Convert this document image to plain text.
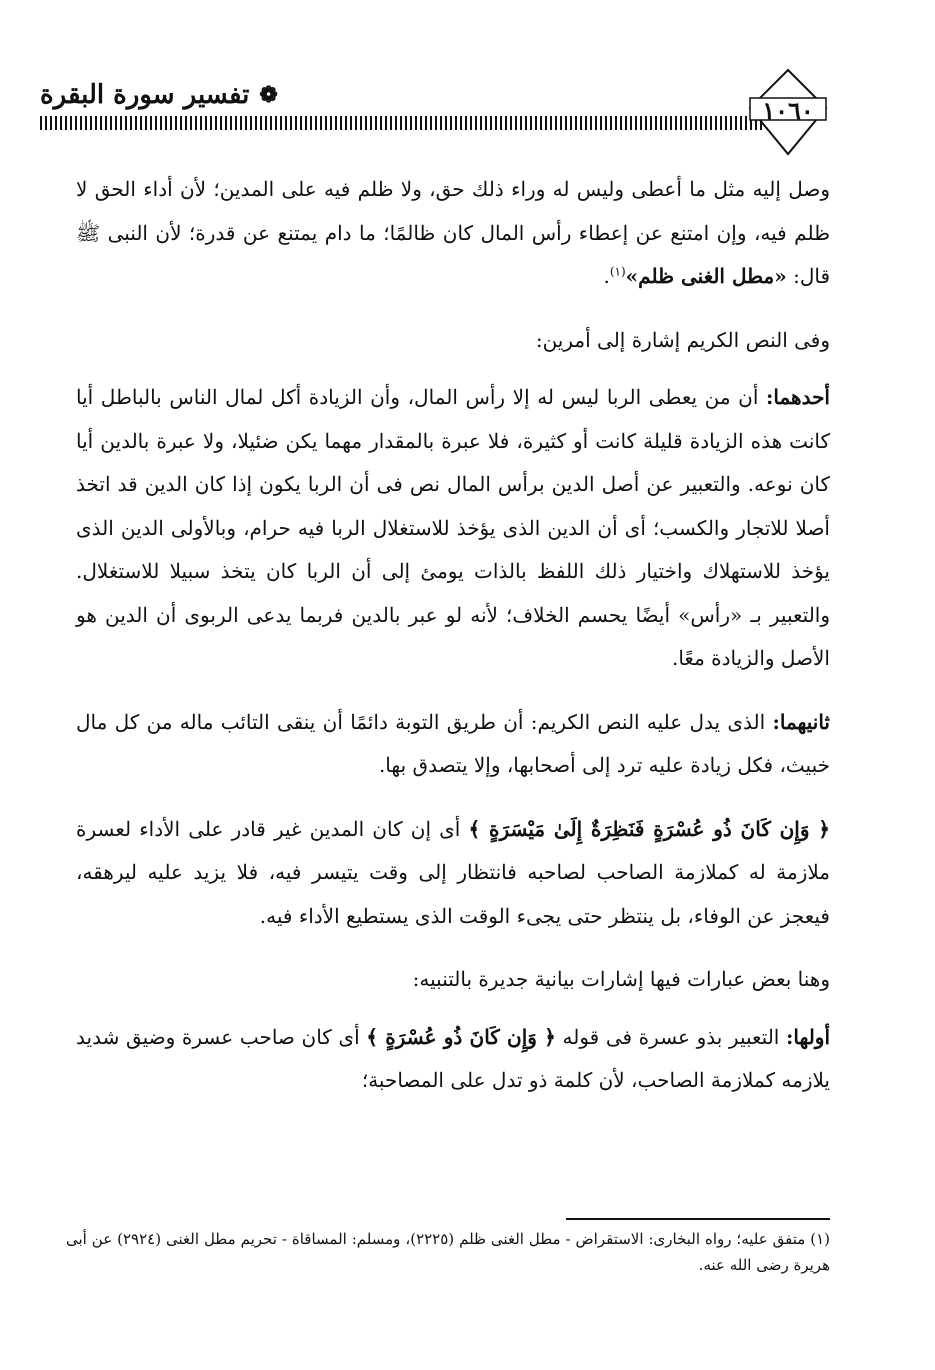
❁
تفسير سورة البقرة
١٠٦٠

وصل إليه مثل ما أعطى وليس له وراء ذلك حق، ولا ظلم فيه على المدين؛ لأن أداء الحق لا ظلم فيه، وإن امتنع عن إعطاء رأس المال كان ظالمًا؛ ما دام يمتنع عن قدرة؛ لأن النبى ﷺ قال: «مطل الغنى ظلم»$^{(١)}$.

وفى النص الكريم إشارة إلى أمرين:

أحدهما: أن من يعطى الربا ليس له إلا رأس المال، وأن الزيادة أكل لمال الناس بالباطل أيا كانت هذه الزيادة قليلة كانت أو كثيرة، فلا عبرة بالمقدار مهما يكن ضئيلا، ولا عبرة بالدين أيا كان نوعه. والتعبير عن أصل الدين برأس المال نص فى أن الربا يكون إذا كان الدين قد اتخذ أصلا للاتجار والكسب؛ أى أن الدين الذى يؤخذ للاستغلال الربا فيه حرام، وبالأولى الدين الذى يؤخذ للاستهلاك واختيار ذلك اللفظ بالذات يومئ إلى أن الربا كان يتخذ سبيلا للاستغلال. والتعبير بـ «رأس» أيضًا يحسم الخلاف؛ لأنه لو عبر بالدين فربما يدعى الربوى أن الدين هو الأصل والزيادة معًا.

ثانيهما: الذى يدل عليه النص الكريم: أن طريق التوبة دائمًا أن ينقى التائب ماله من كل مال خبيث، فكل زيادة عليه ترد إلى أصحابها، وإلا يتصدق بها.

﴿ وَإِن كَانَ ذُو عُسْرَةٍ فَنَظِرَةٌ إِلَىٰ مَيْسَرَةٍ ﴾ أى إن كان المدين غير قادر على الأداء لعسرة ملازمة له كملازمة الصاحب لصاحبه فانتظار إلى وقت يتيسر فيه، فلا يزيد عليه ليرهقه، فيعجز عن الوفاء، بل ينتظر حتى يجىء الوقت الذى يستطيع الأداء فيه.

وهنا بعض عبارات فيها إشارات بيانية جديرة بالتنبيه:

أولها: التعبير بذو عسرة فى قوله ﴿ وَإِن كَانَ ذُو عُسْرَةٍ ﴾ أى كان صاحب عسرة وضيق شديد يلازمه كملازمة الصاحب، لأن كلمة ذو تدل على المصاحبة؛

(١) متفق عليه؛ رواه البخارى: الاستقراض - مطل الغنى ظلم (٢٢٢٥)، ومسلم: المساقاة - تحريم مطل الغنى (٢٩٢٤) عن أبى هريرة رضى الله عنه.
